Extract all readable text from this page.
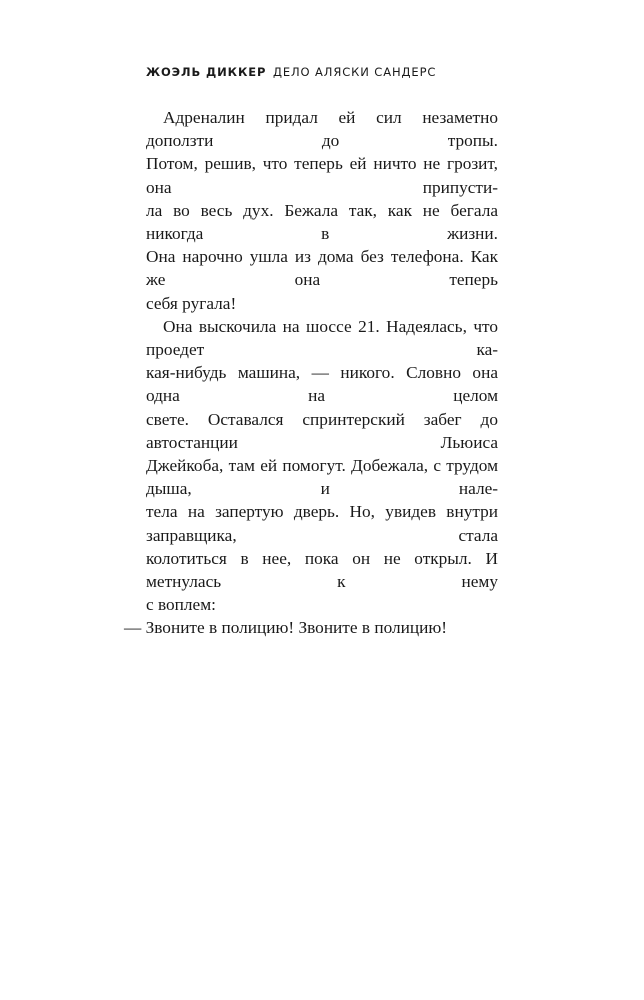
ЖОЭЛЬ ДИККЕР ДЕЛО АЛЯСКИ САНДЕРС
Адреналин придал ей сил незаметно доползти до тропы.
Потом, решив, что теперь ей ничто не грозит, она припусти-
ла во весь дух. Бежала так, как не бегала никогда в жизни.
Она нарочно ушла из дома без телефона. Как же она теперь
себя ругала!
Она выскочила на шоссе 21. Надеялась, что проедет ка-
кая-нибудь машина, — никого. Словно она одна на целом
свете. Оставался спринтерский забег до автостанции Льюиса
Джейкоба, там ей помогут. Добежала, с трудом дыша, и нале-
тела на запертую дверь. Но, увидев внутри заправщика, стала
колотиться в нее, пока он не открыл. И метнулась к нему
с воплем:
— Звоните в полицию! Звоните в полицию!
